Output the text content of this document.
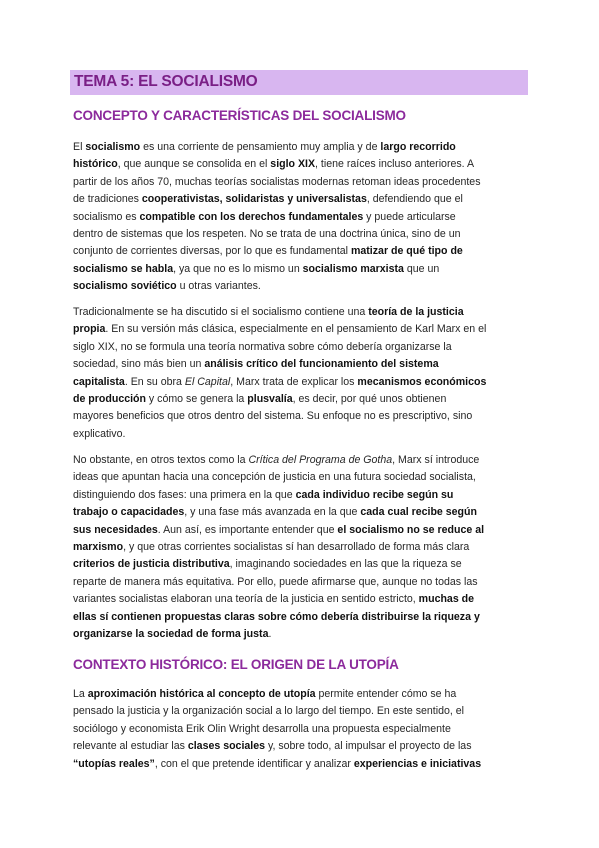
TEMA 5: EL SOCIALISMO
CONCEPTO Y CARACTERÍSTICAS DEL SOCIALISMO
El socialismo es una corriente de pensamiento muy amplia y de largo recorrido
histórico, que aunque se consolida en el siglo XIX, tiene raíces incluso anteriores. A
partir de los años 70, muchas teorías socialistas modernas retoman ideas procedentes
de tradiciones cooperativistas, solidaristas y universalistas, defendiendo que el
socialismo es compatible con los derechos fundamentales y puede articularse
dentro de sistemas que los respeten. No se trata de una doctrina única, sino de un
conjunto de corrientes diversas, por lo que es fundamental matizar de qué tipo de
socialismo se habla, ya que no es lo mismo un socialismo marxista que un
socialismo soviético u otras variantes.
Tradicionalmente se ha discutido si el socialismo contiene una teoría de la justicia
propia. En su versión más clásica, especialmente en el pensamiento de Karl Marx en el
siglo XIX, no se formula una teoría normativa sobre cómo debería organizarse la
sociedad, sino más bien un análisis crítico del funcionamiento del sistema
capitalista. En su obra El Capital, Marx trata de explicar los mecanismos económicos
de producción y cómo se genera la plusvalía, es decir, por qué unos obtienen
mayores beneficios que otros dentro del sistema. Su enfoque no es prescriptivo, sino
explicativo.
No obstante, en otros textos como la Crítica del Programa de Gotha, Marx sí introduce
ideas que apuntan hacia una concepción de justicia en una futura sociedad socialista,
distinguiendo dos fases: una primera en la que cada individuo recibe según su
trabajo o capacidades, y una fase más avanzada en la que cada cual recibe según
sus necesidades. Aun así, es importante entender que el socialismo no se reduce al
marxismo, y que otras corrientes socialistas sí han desarrollado de forma más clara
criterios de justicia distributiva, imaginando sociedades en las que la riqueza se
reparte de manera más equitativa. Por ello, puede afirmarse que, aunque no todas las
variantes socialistas elaboran una teoría de la justicia en sentido estricto, muchas de
ellas sí contienen propuestas claras sobre cómo debería distribuirse la riqueza y
organizarse la sociedad de forma justa.
CONTEXTO HISTÓRICO: EL ORIGEN DE LA UTOPÍA
La aproximación histórica al concepto de utopía permite entender cómo se ha
pensado la justicia y la organización social a lo largo del tiempo. En este sentido, el
sociólogo y economista Erik Olin Wright desarrolla una propuesta especialmente
relevante al estudiar las clases sociales y, sobre todo, al impulsar el proyecto de las
“utopías reales”, con el que pretende identificar y analizar experiencias e iniciativas
